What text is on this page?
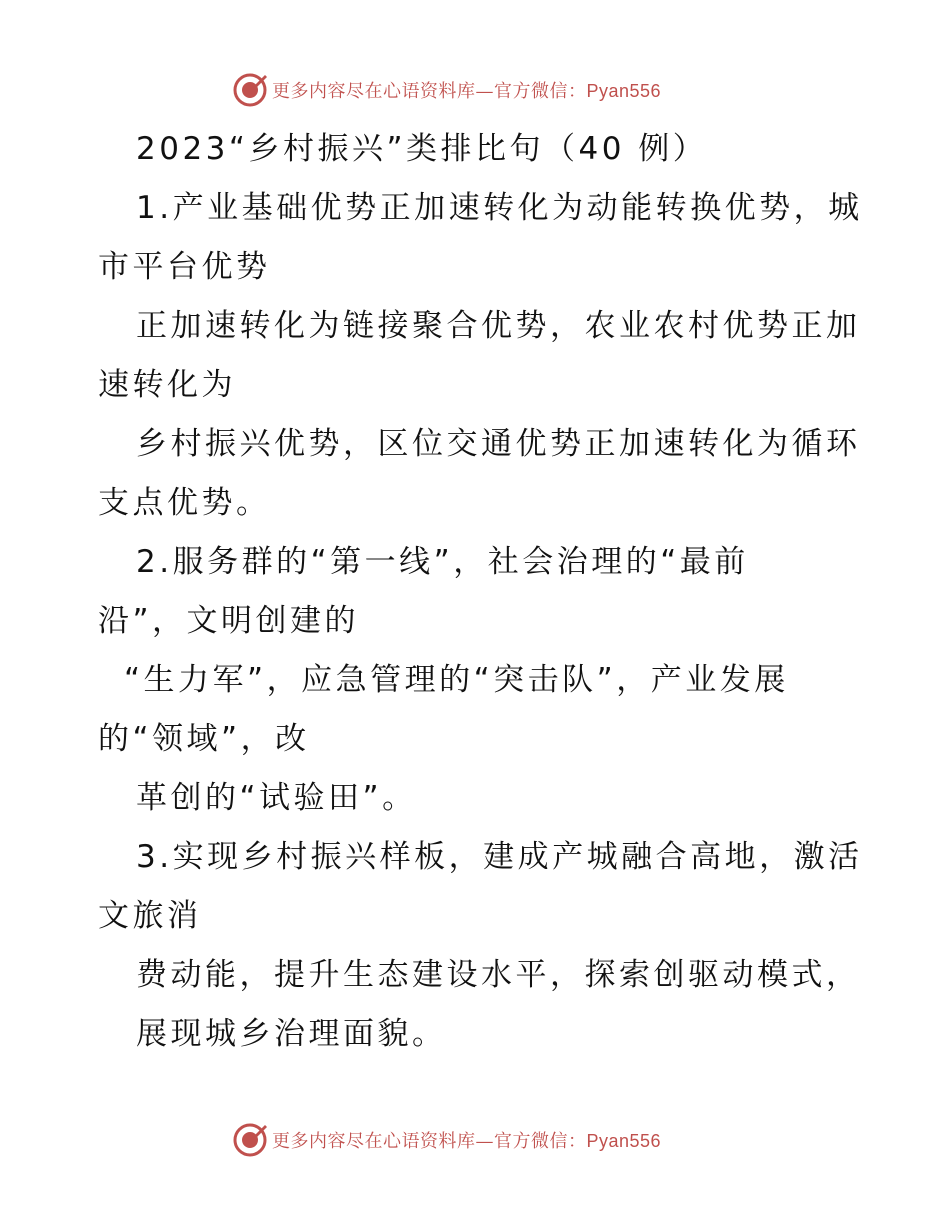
更多内容尽在心语资料库—官方微信：Pyan556
2023“乡村振兴”类排比句（40 例）
1.产业基础优势正加速转化为动能转换优势，城
市平台优势
正加速转化为链接聚合优势，农业农村优势正加
速转化为
乡村振兴优势，区位交通优势正加速转化为循环
支点优势。
2.服务群的“第一线”，社会治理的“最前
沿”，文明创建的
“生力军”，应急管理的“突击队”，产业发展
的“领域”，改
革创的“试验田”。
3.实现乡村振兴样板，建成产城融合高地，激活
文旅消
费动能，提升生态建设水平，探索创驱动模式，
展现城乡治理面貌。
更多内容尽在心语资料库—官方微信：Pyan556
